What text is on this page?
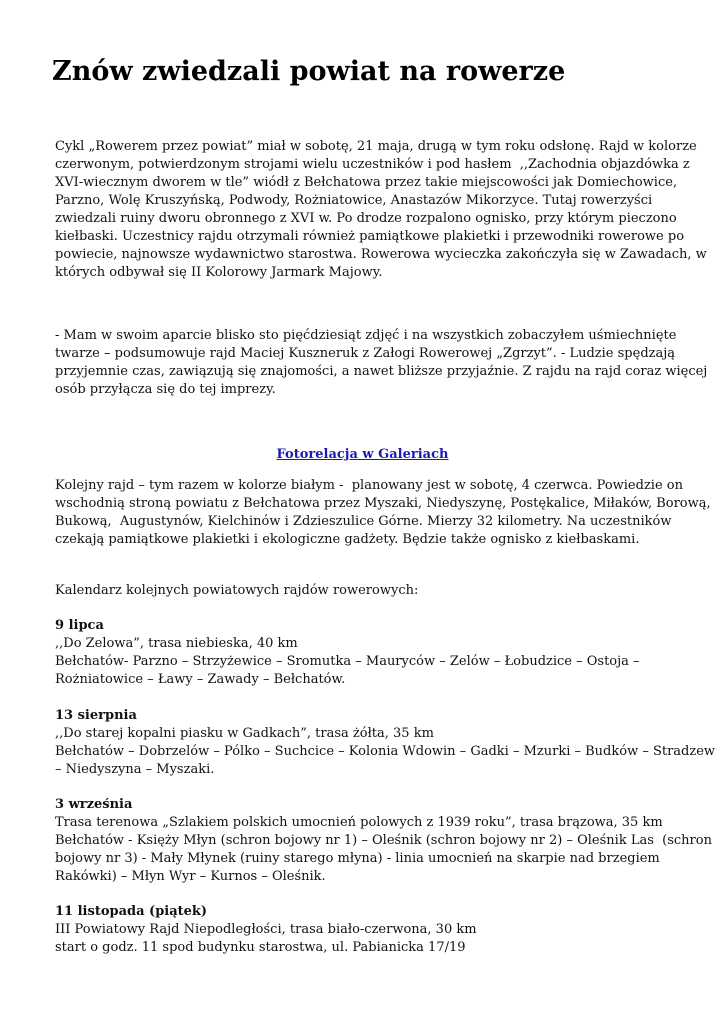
Znów zwiedzali powiat na rowerze
Cykl „Rowerem przez powiat” miał w sobotę, 21 maja, drugą w tym roku odsłonę. Rajd w kolorze
czerwonym, potwierdzonym strojami wielu uczestników i pod hasłem  ,,Zachodnia objazdówka z
XVI-wiecznym dworem w tle” wiódł z Bełchatowa przez takie miejscowości jak Domiechowice,
Parzno, Wolę Kruszyńską, Podwody, Rożniatowice, Anastazów Mikorzyce. Tutaj rowerzyści
zwiedzali ruiny dworu obronnego z XVI w. Po drodze rozpalono ognisko, przy którym pieczono
kiełbaski. Uczestnicy rajdu otrzymali również pamiątkowe plakietki i przewodniki rowerowe po
powiecie, najnowsze wydawnictwo starostwa. Rowerowa wycieczka zakończyła się w Zawadach, w
których odbywał się II Kolorowy Jarmark Majowy.
- Mam w swoim aparcie blisko sto pięćdziesiąt zdjęć i na wszystkich zobaczyłem uśmiechnięte
twarze – podsumowuje rajd Maciej Kuszneruk z Załogi Rowerowej „Zgrzyt”. - Ludzie spędzają
przyjemnie czas, zawiązują się znajomości, a nawet bliższe przyjaźnie. Z rajdu na rajd coraz więcej
osób przyłącza się do tej imprezy.
Fotorelacja w Galeriach
Kolejny rajd – tym razem w kolorze białym -  planowany jest w sobotę, 4 czerwca. Powiedzie on
wschodnią stroną powiatu z Bełchatowa przez Myszaki, Niedyszynę, Postękalice, Miłaków, Borową,
Bukową,  Augustynów, Kielchinów i Zdzieszulice Górne. Mierzy 32 kilometry. Na uczestników
czekają pamiątkowe plakietki i ekologiczne gadżety. Będzie także ognisko z kiełbaskami.
Kalendarz kolejnych powiatowych rajdów rowerowych:
9 lipca
,,Do Zelowa”, trasa niebieska, 40 km
Bełchatów- Parzno – Strzyżewice – Sromutka – Mauryców – Zelów – Łobudzice – Ostoja –
Rożniatowice – Ławy – Zawady – Bełchatów.
13 sierpnia
,,Do starej kopalni piasku w Gadkach”, trasa żółta, 35 km
Bełchatów – Dobrzelów – Pólko – Suchcice – Kolonia Wdowin – Gadki – Mzurki – Budków – Stradzew
– Niedyszyna – Myszaki.
3 września
Trasa terenowa „Szlakiem polskich umocnień polowych z 1939 roku”, trasa brązowa, 35 km
Bełchatów - Księży Młyn (schron bojowy nr 1) – Oleśnik (schron bojowy nr 2) – Oleśnik Las  (schron
bojowy nr 3) - Mały Młynek (ruiny starego młyna) - linia umocnień na skarpie nad brzegiem
Rakówki) – Młyn Wyr – Kurnos – Oleśnik.
11 listopada (piątek)
III Powiatowy Rajd Niepodległości, trasa biało-czerwona, 30 km
start o godz. 11 spod budynku starostwa, ul. Pabianicka 17/19
